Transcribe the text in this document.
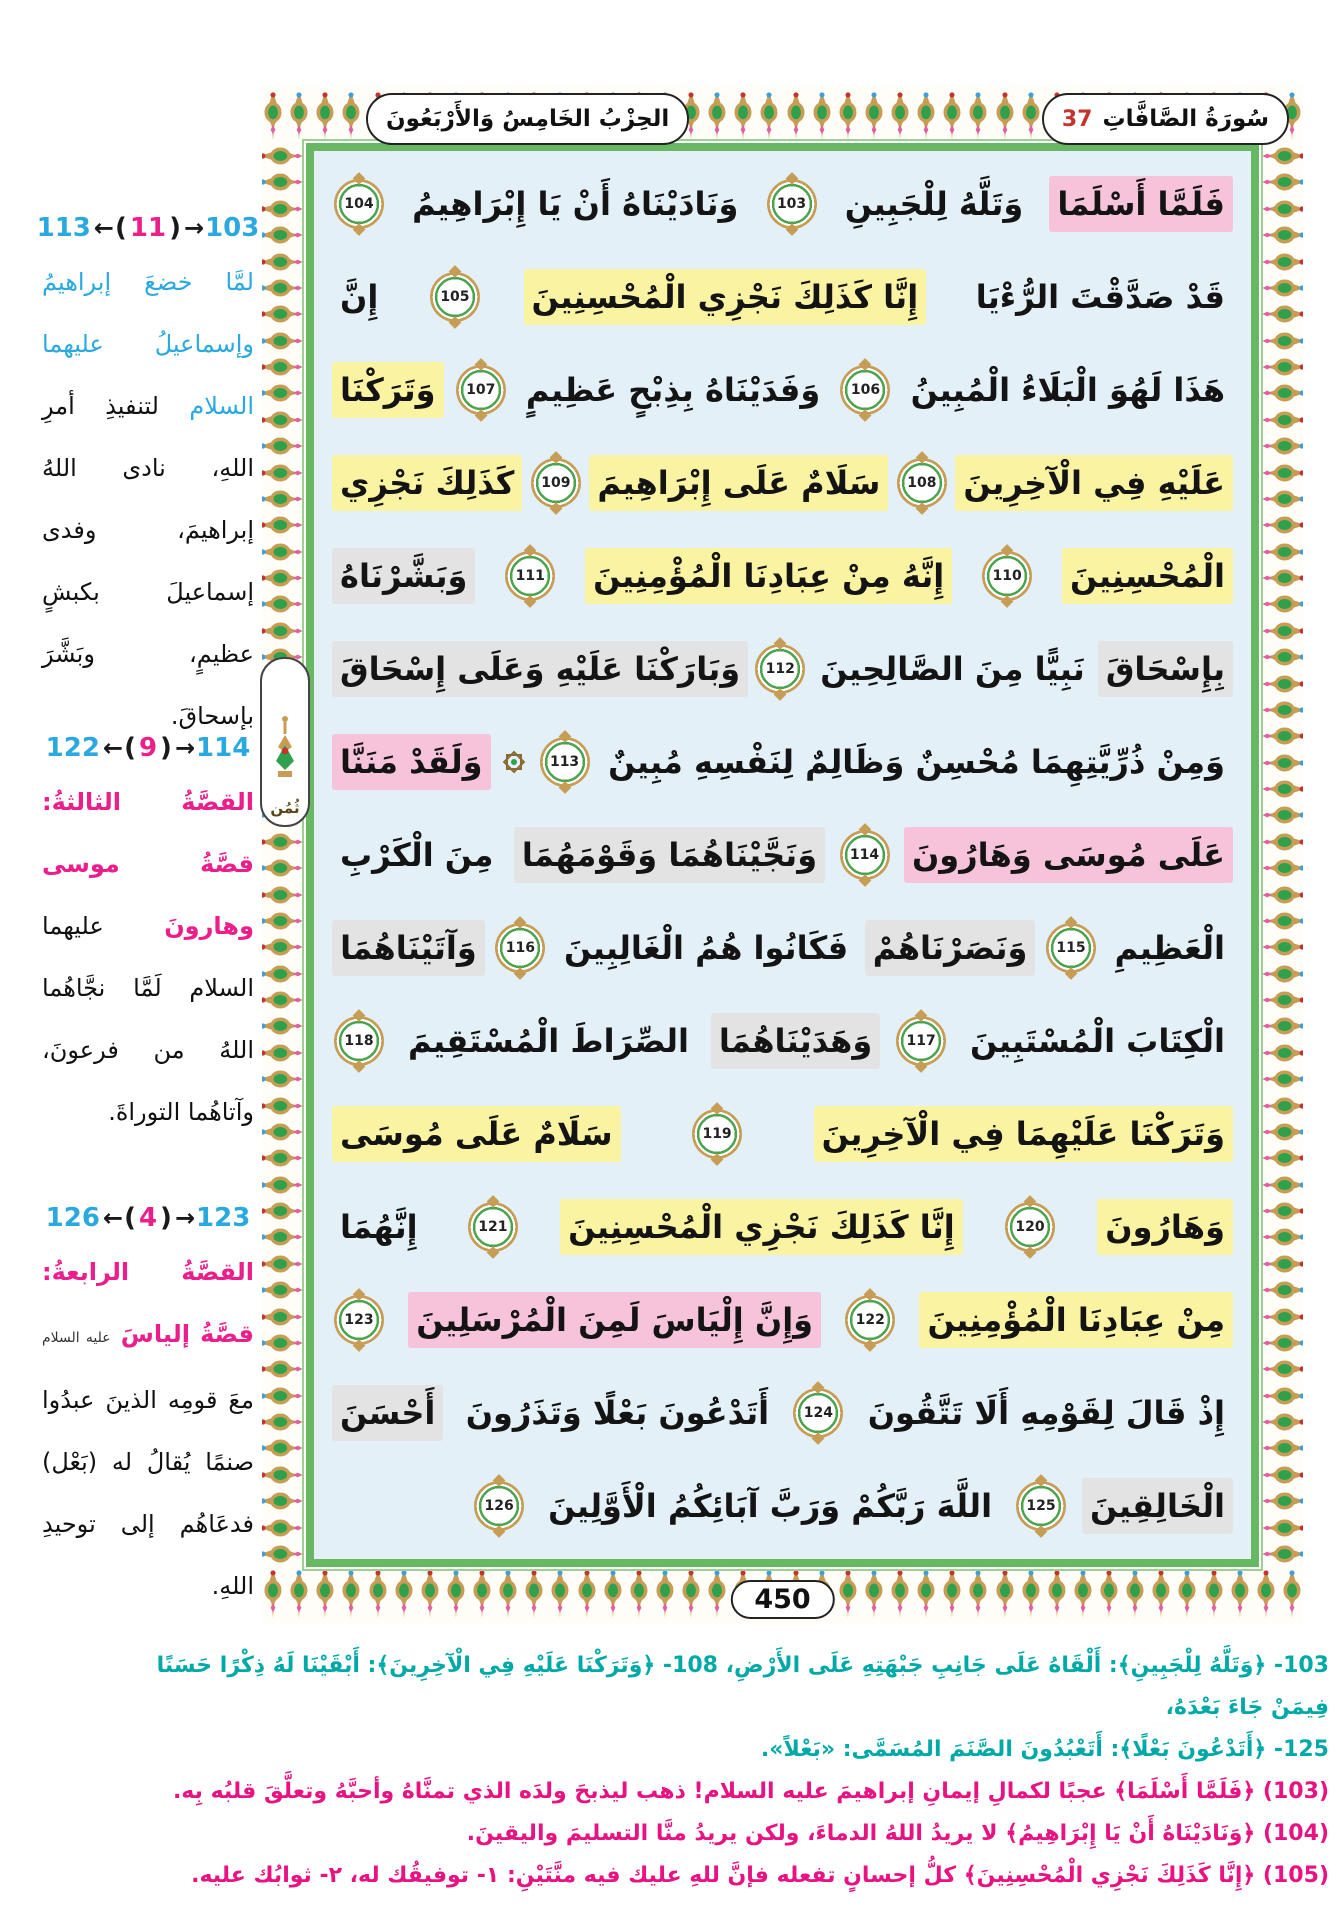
113 ← ( 11 ) → 103
لمَّا خضعَ إبراهيمُ وإسماعيلُ عليهما السلام لتنفيذِ أمرِ اللهِ، نادى اللهُ إبراهيمَ، وفدى إسماعيلَ بكبشٍ عظيمٍ، وبَشَّرَ بإسحاقَ.
122 ← ( 9 ) → 114
القصَّةُ الثالثةُ: قصَّةُ موسى وهارونَ عليهما السلام لَمَّا نجَّاهُما اللهُ من فرعونَ، وآتاهُما التوراةَ.
126 ← ( 4 ) → 123
القصَّةُ الرابعةُ: قصَّةُ إلياسَ عليه السلام معَ قومِه الذينَ عبدُوا صنمًا يُقالُ له (بَعْل) فدعَاهُم إلى توحيدِ اللهِ.
الحِزْبُ الخَامِسُ وَالأَرْبَعُونَ	سُورَةُ الصَّافَّاتِ
37
ثُمُن
450
فَلَمَّا أَسْلَمَا
وَتَلَّهُ لِلْجَبِينِ
103
وَنَادَيْنَاهُ أَنْ يَا إِبْرَاهِيمُ
104
قَدْ صَدَّقْتَ الرُّءْيَا
إِنَّا كَذَلِكَ نَجْزِي الْمُحْسِنِينَ
105
إِنَّ
هَذَا لَهُوَ الْبَلَاءُ الْمُبِينُ
106
وَفَدَيْنَاهُ بِذِبْحٍ عَظِيمٍ
107
وَتَرَكْنَا
عَلَيْهِ فِي الْآخِرِينَ
108
سَلَامٌ عَلَى إِبْرَاهِيمَ
109
كَذَلِكَ نَجْزِي
الْمُحْسِنِينَ
110
إِنَّهُ مِنْ عِبَادِنَا الْمُؤْمِنِينَ
111
وَبَشَّرْنَاهُ
بِإِسْحَاقَ
نَبِيًّا مِنَ الصَّالِحِينَ
112
وَبَارَكْنَا عَلَيْهِ وَعَلَى إِسْحَاقَ
وَمِنْ ذُرِّيَّتِهِمَا مُحْسِنٌ وَظَالِمٌ لِنَفْسِهِ مُبِينٌ
113
وَلَقَدْ مَنَنَّا
عَلَى مُوسَى وَهَارُونَ
114
وَنَجَّيْنَاهُمَا وَقَوْمَهُمَا
مِنَ الْكَرْبِ
الْعَظِيمِ
115
وَنَصَرْنَاهُمْ
فَكَانُوا هُمُ الْغَالِبِينَ
116
وَآتَيْنَاهُمَا
الْكِتَابَ الْمُسْتَبِينَ
117
وَهَدَيْنَاهُمَا
الصِّرَاطَ الْمُسْتَقِيمَ
118
وَتَرَكْنَا عَلَيْهِمَا فِي الْآخِرِينَ
119
سَلَامٌ عَلَى مُوسَى
وَهَارُونَ
120
إِنَّا كَذَلِكَ نَجْزِي الْمُحْسِنِينَ
121
إِنَّهُمَا
مِنْ عِبَادِنَا الْمُؤْمِنِينَ
122
وَإِنَّ إِلْيَاسَ لَمِنَ الْمُرْسَلِينَ
123
إِذْ قَالَ لِقَوْمِهِ أَلَا تَتَّقُونَ
124
أَتَدْعُونَ بَعْلًا وَتَذَرُونَ
أَحْسَنَ
الْخَالِقِينَ
125
اللَّهَ رَبَّكُمْ وَرَبَّ آبَائِكُمُ الْأَوَّلِينَ
126
103- ﴿وَتَلَّهُ لِلْجَبِينِ﴾: أَلْقَاهُ عَلَى جَانِبِ جَبْهَتِهِ عَلَى الأَرْضِ، 108- ﴿وَتَرَكْنَا عَلَيْهِ فِي الْآخِرِينَ﴾: أَبْقَيْنَا لَهُ ذِكْرًا حَسَنًا فِيمَنْ جَاءَ بَعْدَهُ،
125- ﴿أَتَدْعُونَ بَعْلًا﴾: أَتَعْبُدُونَ الصَّنَمَ المُسَمَّى: «بَعْلاً».
(103) ﴿فَلَمَّا أَسْلَمَا﴾ عجبًا لكمالِ إيمانِ إبراهيمَ عليه السلام! ذهب ليذبحَ ولدَه الذي تمنَّاهُ وأحبَّهُ وتعلَّقَ قلبُه بِه.
(104) ﴿وَنَادَيْنَاهُ أَنْ يَا إِبْرَاهِيمُ﴾ لا يريدُ اللهُ الدماءَ، ولكن يريدُ منَّا التسليمَ واليقينَ.
(105) ﴿إِنَّا كَذَلِكَ نَجْزِي الْمُحْسِنِينَ﴾ كلُّ إحسانٍ تفعله فإنَّ للهِ عليك فيه منَّتَيْنِ: ١- توفيقُك له، ٢- ثوابُك عليه.
